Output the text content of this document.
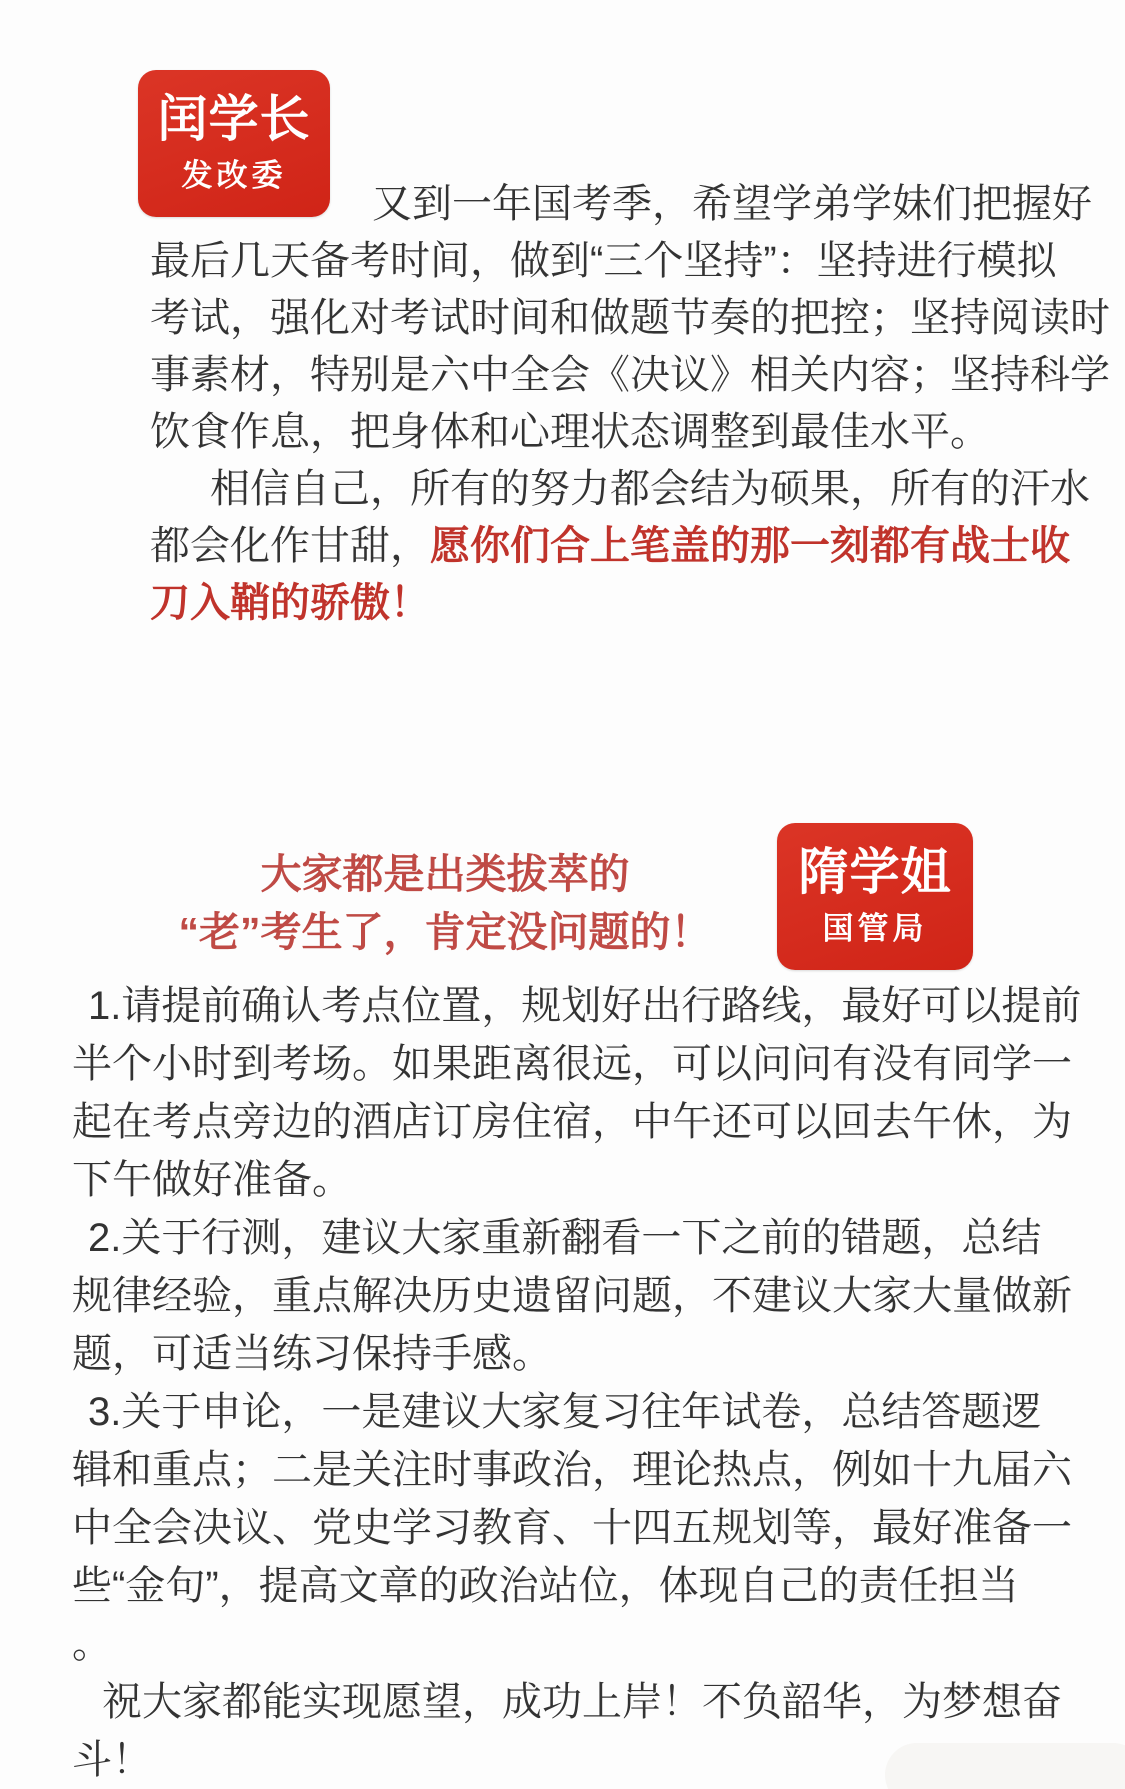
闰学长
发改委
又到一年国考季，希望学弟学妹们把握好
最后几天备考时间，做到“三个坚持”：坚持进行模拟
考试，强化对考试时间和做题节奏的把控；坚持阅读时
事素材，特别是六中全会《决议》相关内容；坚持科学
饮食作息，把身体和心理状态调整到最佳水平。
相信自己，所有的努力都会结为硕果，所有的汗水
都会化作甘甜，愿你们合上笔盖的那一刻都有战士收
刀入鞘的骄傲！
大家都是出类拔萃的
“老”考生了，肯定没问题的！
隋学姐
国管局
1.请提前确认考点位置，规划好出行路线，最好可以提前
半个小时到考场。如果距离很远，可以问问有没有同学一
起在考点旁边的酒店订房住宿，中午还可以回去午休，为
下午做好准备。
2.关于行测，建议大家重新翻看一下之前的错题，总结
规律经验，重点解决历史遗留问题，不建议大家大量做新
题，可适当练习保持手感。
3.关于申论，一是建议大家复习往年试卷，总结答题逻
辑和重点；二是关注时事政治，理论热点，例如十九届六
中全会决议、党史学习教育、十四五规划等，最好准备一
些“金句”，提高文章的政治站位，体现自己的责任担当
。
祝大家都能实现愿望，成功上岸！不负韶华，为梦想奋
斗！
